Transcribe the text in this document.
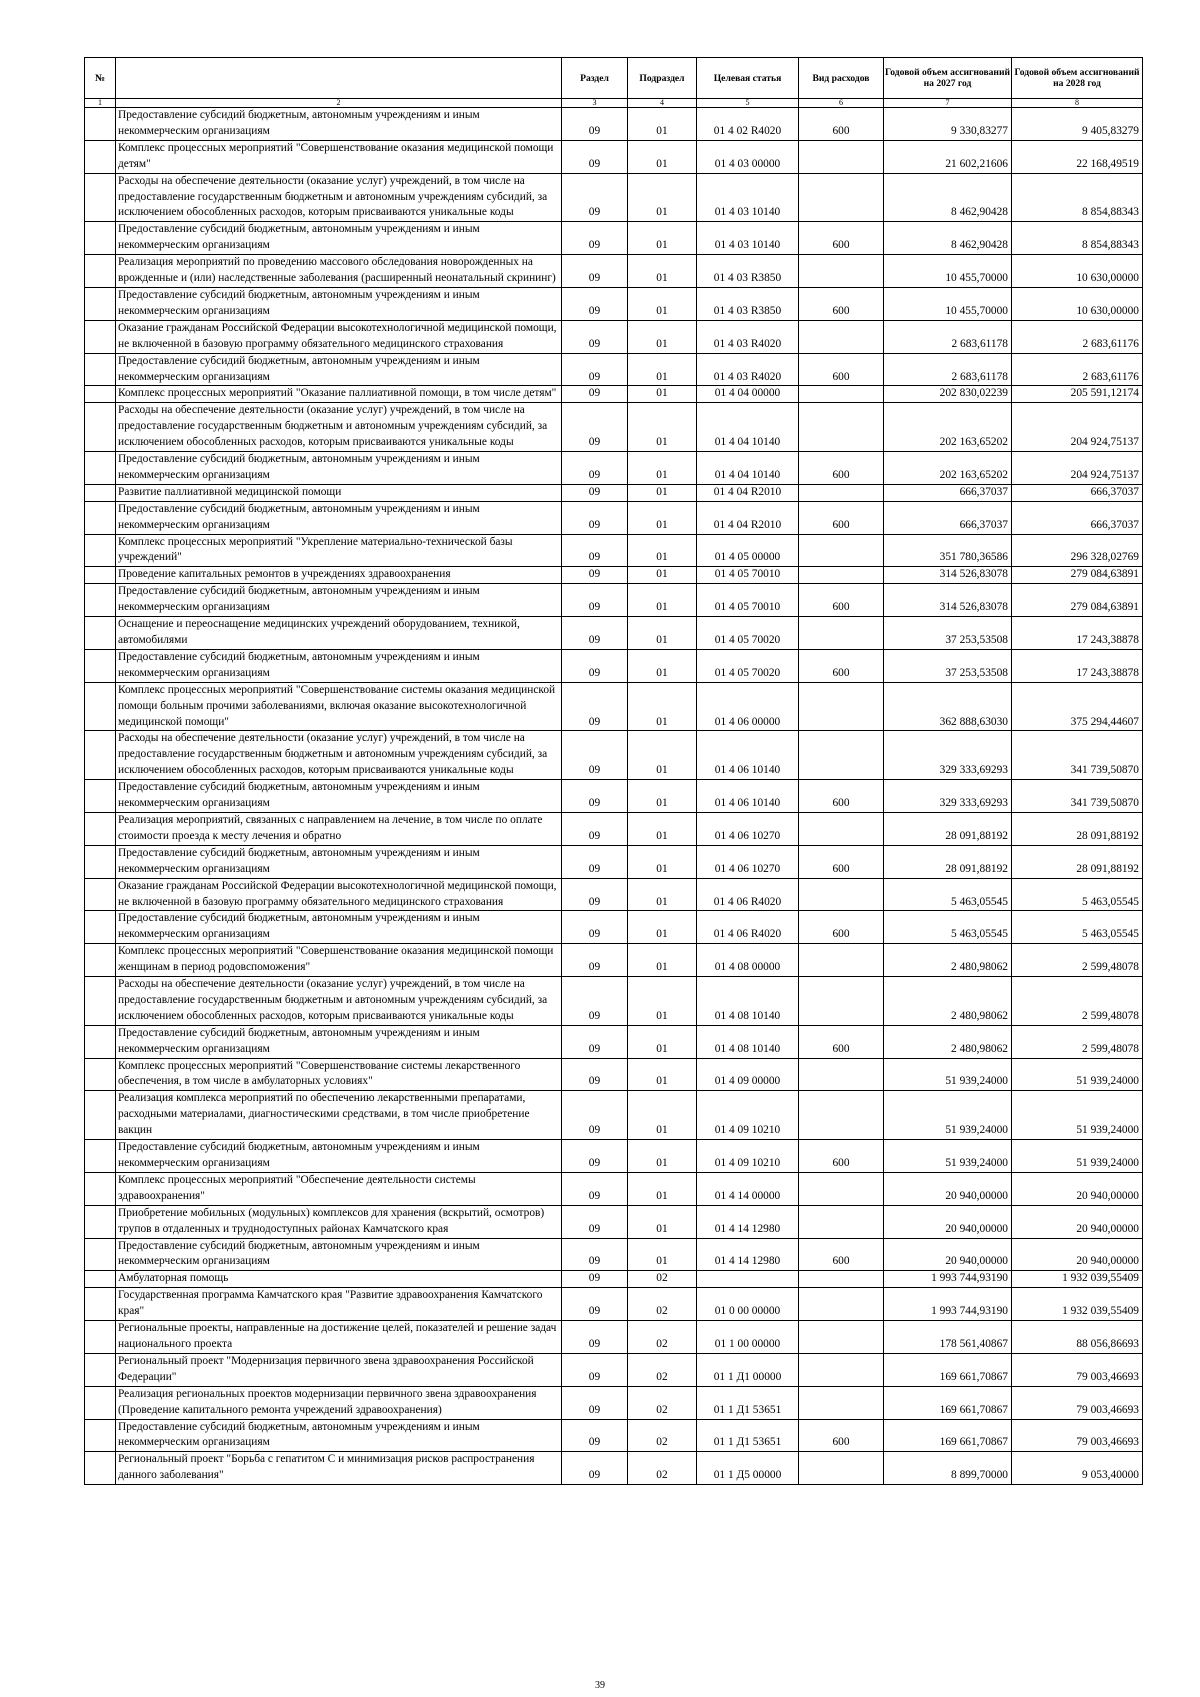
№		Раздел	Подраздел	Целевая статья	Вид расходов	Годовой объем ассигнований на 2027 год	Годовой объем ассигнований на 2028 год
1	2	3	4	5	6	7	8
	Предоставление субсидий бюджетным, автономным учреждениям и иным некоммерческим организациям	09	01	01 4 02 R4020	600	9 330,83277	9 405,83279
	Комплекс процессных мероприятий "Совершенствование оказания медицинской помощи детям"	09	01	01 4 03 00000		21 602,21606	22 168,49519
	Расходы на обеспечение деятельности (оказание услуг) учреждений, в том числе на предоставление государственным бюджетным и автономным учреждениям субсидий, за исключением обособленных расходов, которым присваиваются уникальные коды	09	01	01 4 03 10140		8 462,90428	8 854,88343
	Предоставление субсидий бюджетным, автономным учреждениям и иным некоммерческим организациям	09	01	01 4 03 10140	600	8 462,90428	8 854,88343
	Реализация мероприятий по проведению массового обследования новорожденных на врожденные и (или) наследственные заболевания (расширенный неонатальный скрининг)	09	01	01 4 03 R3850		10 455,70000	10 630,00000
	Предоставление субсидий бюджетным, автономным учреждениям и иным некоммерческим организациям	09	01	01 4 03 R3850	600	10 455,70000	10 630,00000
	Оказание гражданам Российской Федерации высокотехнологичной медицинской помощи, не включенной в базовую программу обязательного медицинского страхования	09	01	01 4 03 R4020		2 683,61178	2 683,61176
	Предоставление субсидий бюджетным, автономным учреждениям и иным некоммерческим организациям	09	01	01 4 03 R4020	600	2 683,61178	2 683,61176
	Комплекс процессных мероприятий "Оказание паллиативной помощи, в том числе детям"	09	01	01 4 04 00000		202 830,02239	205 591,12174
	Расходы на обеспечение деятельности (оказание услуг) учреждений, в том числе на предоставление государственным бюджетным и автономным учреждениям субсидий, за исключением обособленных расходов, которым присваиваются уникальные коды	09	01	01 4 04 10140		202 163,65202	204 924,75137
	Предоставление субсидий бюджетным, автономным учреждениям и иным некоммерческим организациям	09	01	01 4 04 10140	600	202 163,65202	204 924,75137
	Развитие паллиативной медицинской помощи	09	01	01 4 04 R2010		666,37037	666,37037
	Предоставление субсидий бюджетным, автономным учреждениям и иным некоммерческим организациям	09	01	01 4 04 R2010	600	666,37037	666,37037
	Комплекс процессных мероприятий "Укрепление материально-технической базы учреждений"	09	01	01 4 05 00000		351 780,36586	296 328,02769
	Проведение капитальных ремонтов в учреждениях здравоохранения	09	01	01 4 05 70010		314 526,83078	279 084,63891
	Предоставление субсидий бюджетным, автономным учреждениям и иным некоммерческим организациям	09	01	01 4 05 70010	600	314 526,83078	279 084,63891
	Оснащение и переоснащение медицинских учреждений оборудованием, техникой, автомобилями	09	01	01 4 05 70020		37 253,53508	17 243,38878
	Предоставление субсидий бюджетным, автономным учреждениям и иным некоммерческим организациям	09	01	01 4 05 70020	600	37 253,53508	17 243,38878
	Комплекс процессных мероприятий "Совершенствование системы оказания медицинской помощи больным прочими заболеваниями, включая оказание высокотехнологичной медицинской помощи"	09	01	01 4 06 00000		362 888,63030	375 294,44607
	Расходы на обеспечение деятельности (оказание услуг) учреждений, в том числе на предоставление государственным бюджетным и автономным учреждениям субсидий, за исключением обособленных расходов, которым присваиваются уникальные коды	09	01	01 4 06 10140		329 333,69293	341 739,50870
	Предоставление субсидий бюджетным, автономным учреждениям и иным некоммерческим организациям	09	01	01 4 06 10140	600	329 333,69293	341 739,50870
	Реализация мероприятий, связанных с направлением на лечение, в том числе по оплате стоимости проезда к месту лечения и обратно	09	01	01 4 06 10270		28 091,88192	28 091,88192
	Предоставление субсидий бюджетным, автономным учреждениям и иным некоммерческим организациям	09	01	01 4 06 10270	600	28 091,88192	28 091,88192
	Оказание гражданам Российской Федерации высокотехнологичной медицинской помощи, не включенной в базовую программу обязательного медицинского страхования	09	01	01 4 06 R4020		5 463,05545	5 463,05545
	Предоставление субсидий бюджетным, автономным учреждениям и иным некоммерческим организациям	09	01	01 4 06 R4020	600	5 463,05545	5 463,05545
	Комплекс процессных мероприятий "Совершенствование оказания медицинской помощи женщинам в период родовспоможения"	09	01	01 4 08 00000		2 480,98062	2 599,48078
	Расходы на обеспечение деятельности (оказание услуг) учреждений, в том числе на предоставление государственным бюджетным и автономным учреждениям субсидий, за исключением обособленных расходов, которым присваиваются уникальные коды	09	01	01 4 08 10140		2 480,98062	2 599,48078
	Предоставление субсидий бюджетным, автономным учреждениям и иным некоммерческим организациям	09	01	01 4 08 10140	600	2 480,98062	2 599,48078
	Комплекс процессных мероприятий "Совершенствование системы лекарственного обеспечения, в том числе в амбулаторных условиях"	09	01	01 4 09 00000		51 939,24000	51 939,24000
	Реализация комплекса мероприятий по обеспечению лекарственными препаратами, расходными материалами, диагностическими средствами, в том числе приобретение вакцин	09	01	01 4 09 10210		51 939,24000	51 939,24000
	Предоставление субсидий бюджетным, автономным учреждениям и иным некоммерческим организациям	09	01	01 4 09 10210	600	51 939,24000	51 939,24000
	Комплекс процессных мероприятий "Обеспечение деятельности системы здравоохранения"	09	01	01 4 14 00000		20 940,00000	20 940,00000
	Приобретение мобильных (модульных) комплексов для хранения (вскрытий, осмотров) трупов в отдаленных и труднодоступных районах Камчатского края	09	01	01 4 14 12980		20 940,00000	20 940,00000
	Предоставление субсидий бюджетным, автономным учреждениям и иным некоммерческим организациям	09	01	01 4 14 12980	600	20 940,00000	20 940,00000
	Амбулаторная помощь	09	02			1 993 744,93190	1 932 039,55409
	Государственная программа Камчатского края "Развитие здравоохранения Камчатского края"	09	02	01 0 00 00000		1 993 744,93190	1 932 039,55409
	Региональные проекты, направленные на достижение целей, показателей и решение задач национального проекта	09	02	01 1 00 00000		178 561,40867	88 056,86693
	Региональный проект "Модернизация первичного звена здравоохранения Российской Федерации"	09	02	01 1 Д1 00000		169 661,70867	79 003,46693
	Реализация региональных проектов модернизации первичного звена здравоохранения (Проведение капитального ремонта учреждений здравоохранения)	09	02	01 1 Д1 53651		169 661,70867	79 003,46693
	Предоставление субсидий бюджетным, автономным учреждениям и иным некоммерческим организациям	09	02	01 1 Д1 53651	600	169 661,70867	79 003,46693
	Региональный проект "Борьба с гепатитом С и минимизация рисков распространения данного заболевания"	09	02	01 1 Д5 00000		8 899,70000	9 053,40000
39
